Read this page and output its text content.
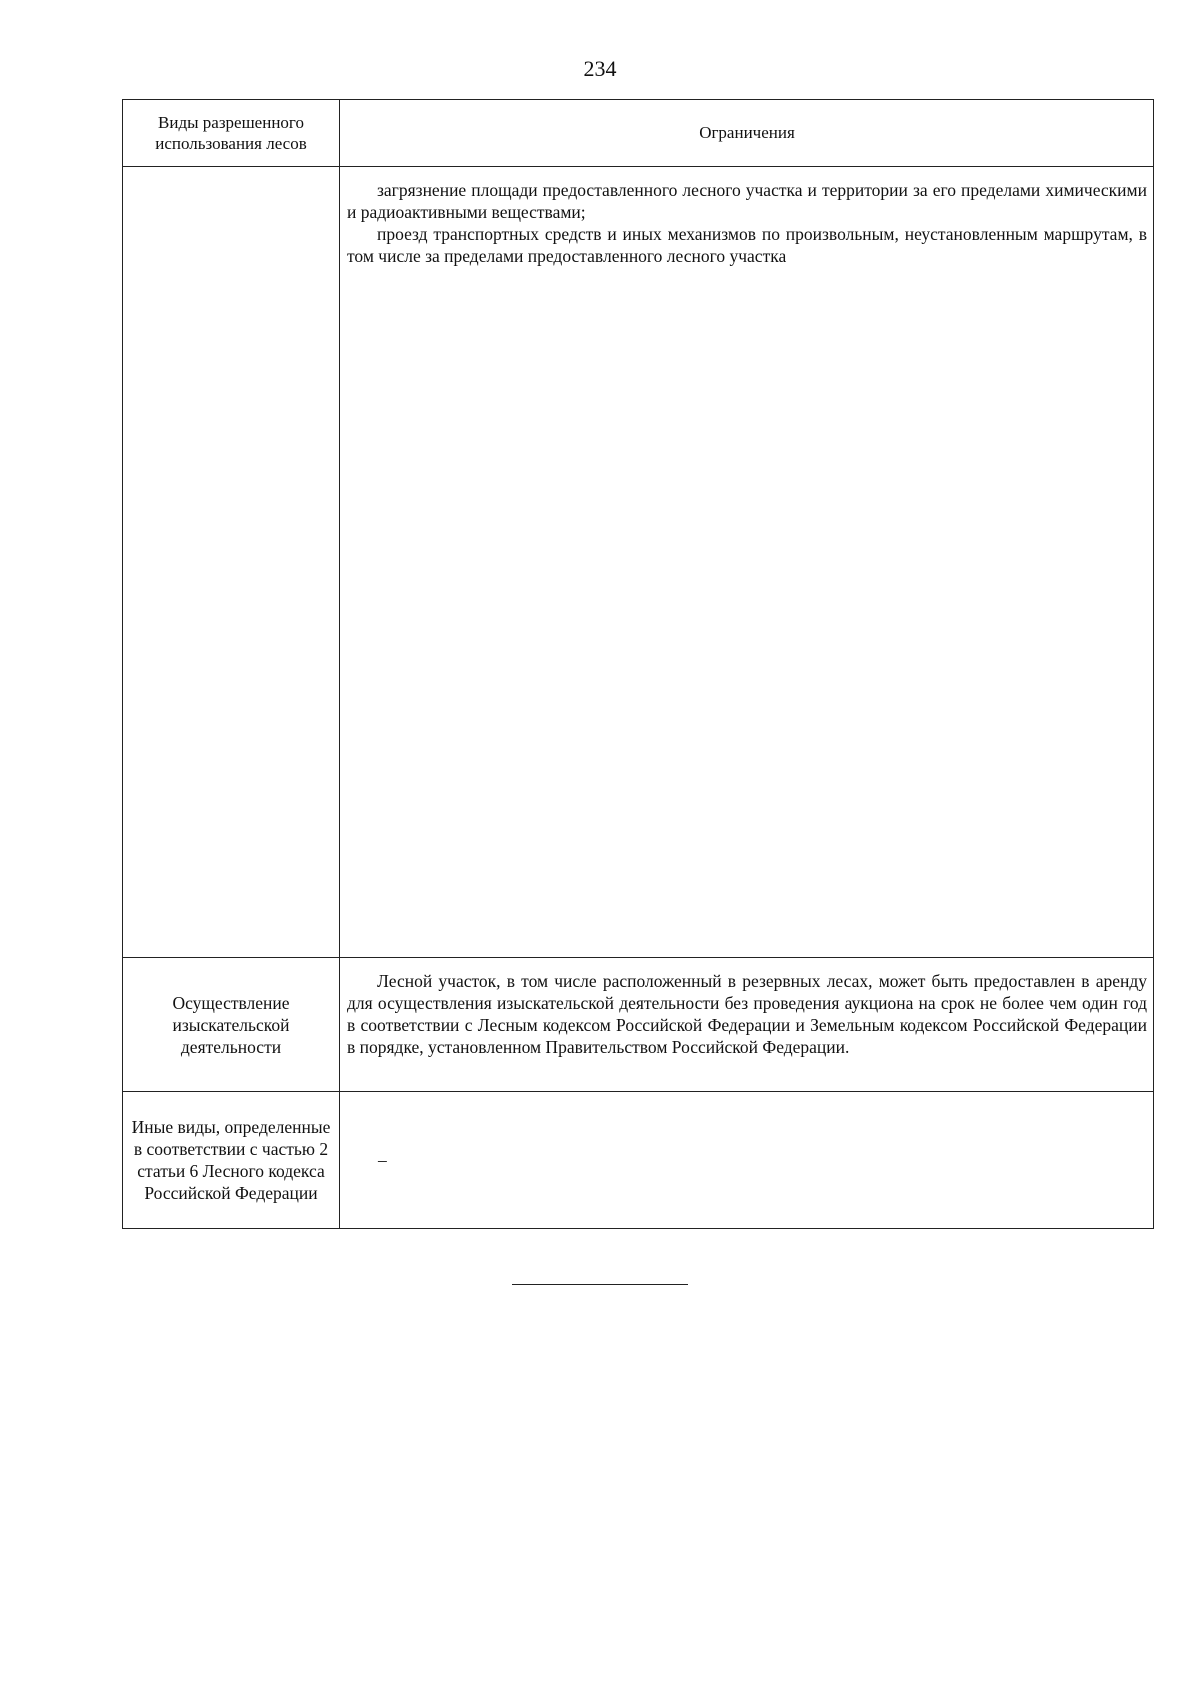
234
Виды разрешенного использования лесов
Ограничения

загрязнение площади предоставленного лесного участка и территории за его пределами химическими и радиоактивными веществами;

проезд транспортных средств и иных механизмов по произвольным, неустановленным маршрутам, в том числе за пределами предоставленного лесного участка

Осуществление изыскательской деятельности

Лесной участок, в том числе расположенный в резервных лесах, может быть предоставлен в аренду для осуществления изыскательской деятельности без проведения аукциона на срок не более чем один год в соответствии с Лесным кодексом Российской Федерации и Земельным кодексом Российской Федерации в порядке, установленном Правительством Российской Федерации.

Иные виды, определенные в соответствии с частью 2 статьи 6 Лесного кодекса Российской Федерации
–
